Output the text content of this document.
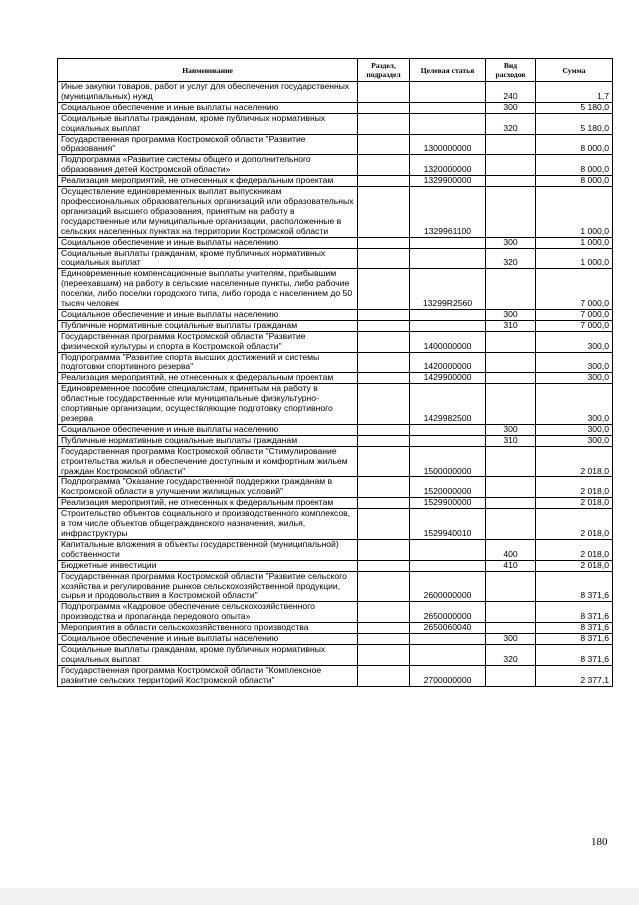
Наименование	Раздел, подраздел	Целевая статья	Вид расходов	Сумма
Иные закупки товаров, работ и услуг для обеспечения государственных (муниципальных) нужд			240	1,7
Социальное обеспечение и иные выплаты населению			300	5 180,0
Социальные выплаты гражданам, кроме публичных нормативных социальных выплат			320	5 180,0
Государственная программа Костромской области "Развитие образования"		1300000000		8 000,0
Подпрограмма «Развитие системы общего и дополнительного образования детей Костромской области»		1320000000		8 000,0
Реализация мероприятий, не отнесенных к федеральным проектам		1329900000		8 000,0
Осуществление единовременных выплат выпускникам профессиональных образовательных организаций или образовательных организаций высшего образования, принятым на работу в государственные или муниципальные организации, расположенные в сельских населенных пунктах на территории Костромской области		1329961100		1 000,0
Социальное обеспечение и иные выплаты населению			300	1 000,0
Социальные выплаты гражданам, кроме публичных нормативных социальных выплат			320	1 000,0
Единовременные компенсационные выплаты учителям, прибывшим (переехавшим) на работу в сельские населенные пункты, либо рабочие поселки, либо поселки городского типа, либо города с населением до 50 тысяч человек		13299R2560		7 000,0
Социальное обеспечение и иные выплаты населению			300	7 000,0
Публичные нормативные социальные выплаты гражданам			310	7 000,0
Государственная программа Костромской области "Развитие физической культуры и спорта в Костромской области"		1400000000		300,0
Подпрограмма "Развитие спорта высших достижений и системы подготовки спортивного резерва"		1420000000		300,0
Реализация мероприятий, не отнесенных к федеральным проектам		1429900000		300,0
Единовременное пособие специалистам, принятым на работу в областные государственные или муниципальные физкультурно-спортивные организации, осуществляющие подготовку спортивного резерва		1429982500		300,0
Социальное обеспечение и иные выплаты населению			300	300,0
Публичные нормативные социальные выплаты гражданам			310	300,0
Государственная программа Костромской области "Стимулирование строительства жилья и обеспечение доступным и комфортным жильем граждан Костромской области"		1500000000		2 018,0
Подпрограмма "Оказание государственной поддержки гражданам в Костромской области в улучшении жилищных условий"		1520000000		2 018,0
Реализация мероприятий, не отнесенных к федеральным проектам		1529900000		2 018,0
Строительство объектов социального и производственного комплексов, в том числе объектов общегражданского назначения, жилья, инфраструктуры		1529940010		2 018,0
Капитальные вложения в объекты государственной (муниципальной) собственности			400	2 018,0
Бюджетные инвестиции			410	2 018,0
Государственная программа Костромской области "Развитие сельского хозяйства и регулирование рынков сельскохозяйственной продукции, сырья и продовольствия в Костромской области"		2600000000		8 371,6
Подпрограмма «Кадровое обеспечение сельскохозяйственного производства и пропаганда передового опыта»		2650000000		8 371,6
Мероприятия в области сельскохозяйственного производства		2650060040		8 371,6
Социальное обеспечение и иные выплаты населению			300	8 371,6
Социальные выплаты гражданам, кроме публичных нормативных социальных выплат			320	8 371,6
Государственная программа Костромской области "Комплексное развитие сельских территорий Костромской области"		2700000000		2 377,1
180
